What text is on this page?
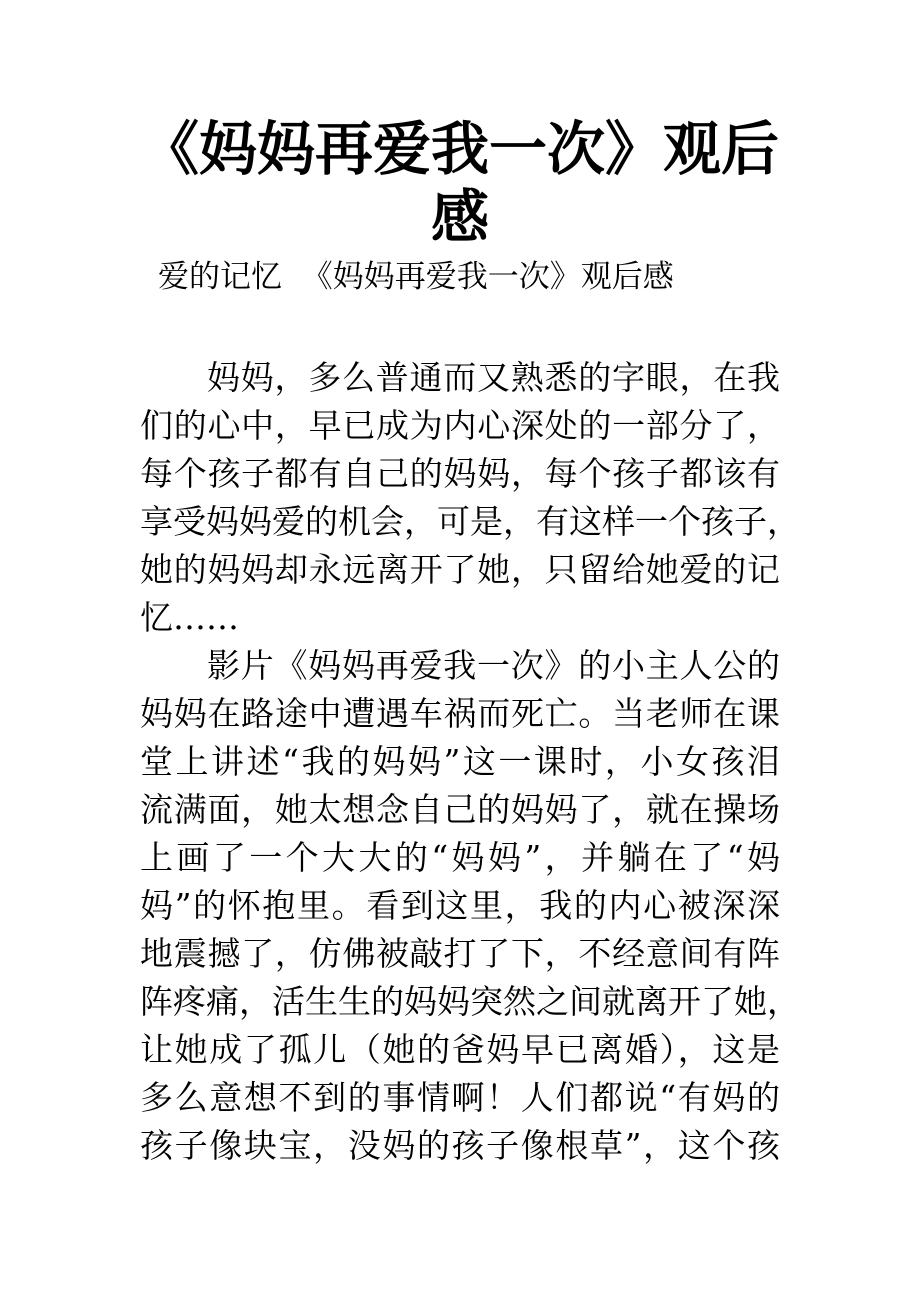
《妈妈再爱我一次》观后
感
爱的记忆  《妈妈再爱我一次》观后感
妈妈，多么普通而又熟悉的字眼，在我
们的心中，早已成为内心深处的一部分了，
每个孩子都有自己的妈妈，每个孩子都该有
享受妈妈爱的机会，可是，有这样一个孩子，
她的妈妈却永远离开了她，只留给她爱的记
忆……
影片《妈妈再爱我一次》的小主人公的
妈妈在路途中遭遇车祸而死亡。当老师在课
堂上讲述“我的妈妈”这一课时，小女孩泪
流满面，她太想念自己的妈妈了，就在操场
上画了一个大大的“妈妈”，并躺在了“妈
妈”的怀抱里。看到这里，我的内心被深深
地震撼了，仿佛被敲打了下，不经意间有阵
阵疼痛，活生生的妈妈突然之间就离开了她，
让她成了孤儿（她的爸妈早已离婚），这是
多么意想不到的事情啊！人们都说“有妈的
孩子像块宝，没妈的孩子像根草”，这个孩
